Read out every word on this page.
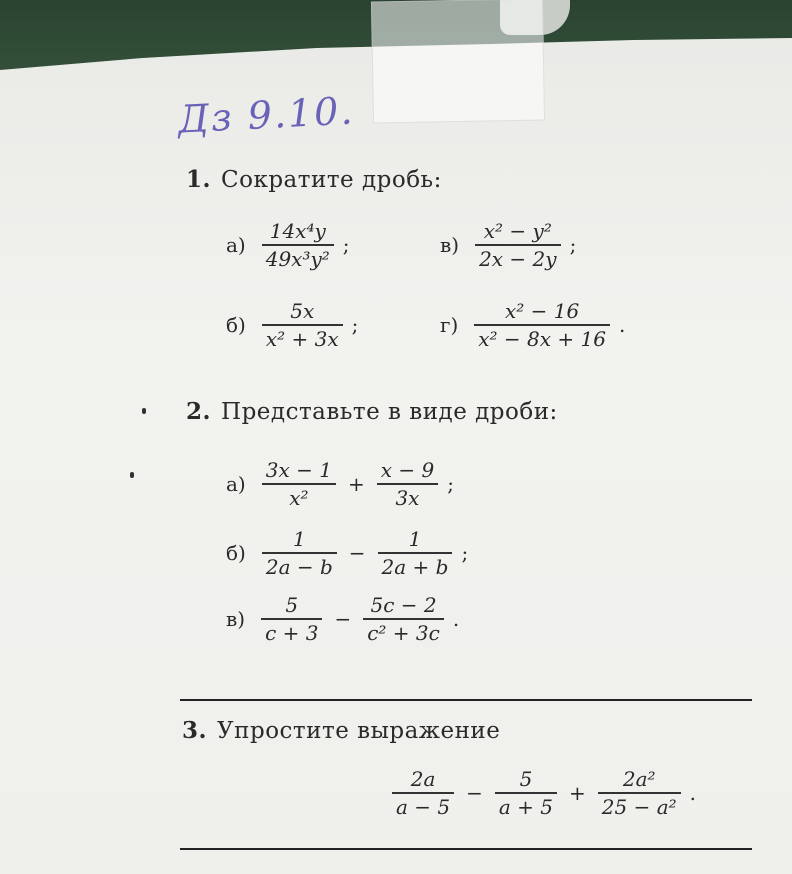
Дз 9.10.
1. Сократите дробь:
$а) \frac{\text{14x⁴y}}{\text{49x³y²}}$ ;	$в) \frac{\text{x² − y²}}{2x - 2y}$ ;
$б) \frac{5x}{\text{x² + 3x}}$ ;	$г) \frac{\text{x² − 16}}{\text{x² − 8x + 16}}$ .
2. Представьте в виде дроби:
$а) \frac{3x - 1}{\text{x²}} + \frac{x - 9}{3x}$ ;
$б) \frac{1}{2a - b} - \frac{1}{2a + b}$ ;
$в) \frac{5}{c + 3} - \frac{5c - 2}{\text{c² + 3c}}$ .
3. Упростите выражение
$\frac{2a}{a - 5} - \frac{5}{a + 5} + \frac{\text{2a²}}{\text{25 − a²}}$ .
